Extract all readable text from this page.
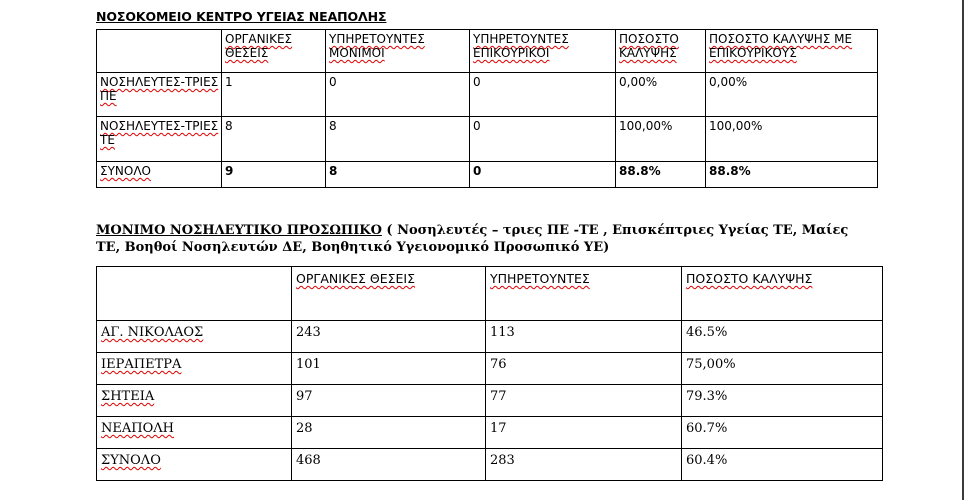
ΝΟΣΟΚΟΜΕΙΟ ΚΕΝΤΡΟ ΥΓΕΙΑΣ ΝΕΑΠΟΛΗΣ
	ΟΡΓΑΝΙΚΕΣ ΘΕΣΕΙΣ	ΥΠΗΡΕΤΟΥΝΤΕΣ ΜΟΝΙΜΟΙ	ΥΠΗΡΕΤΟΥΝΤΕΣ ΕΠΙΚΟΥΡΙΚΟΙ	ΠΟΣΟΣΤΟ ΚΑΛΥΨΗΣ	ΠΟΣΟΣΤΟ ΚΑΛΥΨΗΣ ΜΕ ΕΠΙΚΟΥΡΙΚΟΥΣ
ΝΟΣΗΛΕΥΤΕΣ-ΤΡΙΕΣ ΠΕ	1	0	0	0,00%	0,00%
ΝΟΣΗΛΕΥΤΕΣ-ΤΡΙΕΣ ΤΕ	8	8	0	100,00%	100,00%
ΣΥΝΟΛΟ	9	8	0	88.8%	88.8%

ΜΟΝΙΜΟ ΝΟΣΗΛΕΥΤΙΚΟ ΠΡΟΣΩΠΙΚΟ ( Νοσηλευτές – τριες ΠΕ -ΤΕ , Επισκέπτριες Υγείας ΤΕ, Μαίες ΤΕ, Βοηθοί Νοσηλευτών ΔΕ, Βοηθητικό Υγειονομικό Προσωπικό ΥΕ)

	ΟΡΓΑΝΙΚΕΣ ΘΕΣΕΙΣ	ΥΠΗΡΕΤΟΥΝΤΕΣ	ΠΟΣΟΣΤΟ ΚΑΛΥΨΗΣ
ΑΓ. ΝΙΚΟΛΑΟΣ	243	113	46.5%
ΙΕΡΑΠΕΤΡΑ	101	76	75,00%
ΣΗΤΕΙΑ	97	77	79.3%
ΝΕΑΠΟΛΗ	28	17	60.7%
ΣΥΝΟΛΟ	468	283	60.4%
